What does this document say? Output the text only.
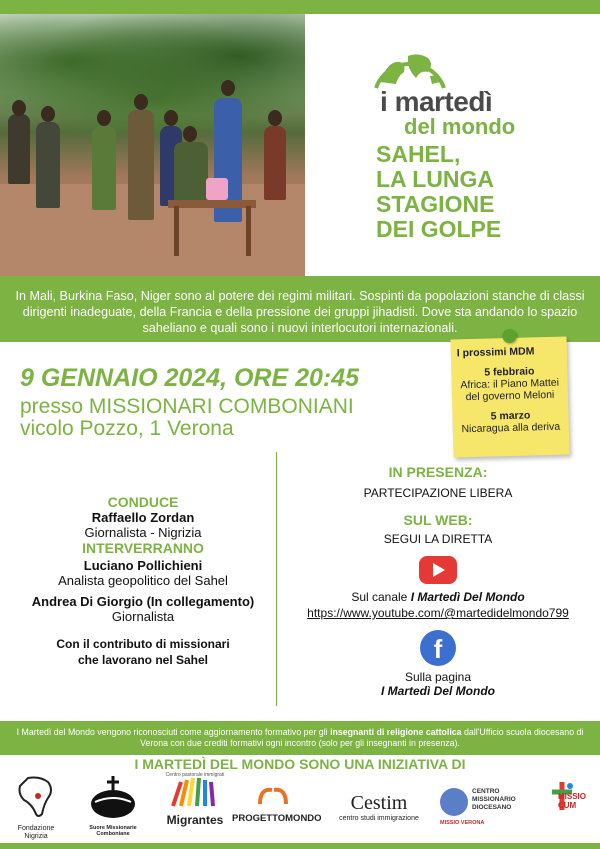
i martedì
del mondo
SAHEL,
LA LUNGA
STAGIONE
DEI GOLPE
In Mali, Burkina Faso, Niger sono al potere dei regimi militari. Sospinti da popolazioni stanche di classi dirigenti inadeguate, della Francia e della pressione dei gruppi jihadisti. Dove sta andando lo spazio saheliano e quali sono i nuovi interlocutori internazionali.
I prossimi MDM
5 febbraio
Africa: il Piano Mattei del governo Meloni
5 marzo
Nicaragua alla deriva
9 GENNAIO 2024, ORE 20:45
presso MISSIONARI COMBONIANI
vicolo Pozzo, 1 Verona
CONDUCE
Raffaello Zordan
Giornalista - Nigrizia
INTERVERRANNO
Luciano Pollichieni
Analista geopolitico del Sahel
Andrea Di Giorgio (In collegamento)
Giornalista
Con il contributo di missionari che lavorano nel Sahel
IN PRESENZA:
PARTECIPAZIONE LIBERA
SUL WEB:
SEGUI LA DIRETTA
Sul canale I Martedì Del Mondo
https://www.youtube.com/@martedidelmondo799
f
Sulla pagina
I Martedì Del Mondo
I Martedì del Mondo vengono riconosciuti come aggiornamento formativo per gli insegnanti di religione cattolica dall'Ufficio scuola diocesano di Verona con due crediti formativi ogni incontro (solo per gli insegnanti in presenza).
I MARTEDÌ DEL MONDO SONO UNA INIZIATIVA DI
Fondazione Nigrizia
Suore Missionarie Comboniane
Centro pastorale immigrati
Migrantes PROGETTOMONDO
Cestim
centro studi immigrazione
CENTRO
MISSIONARIO
DIOCESANO
MISSIO VERONA
MISSIO
CUM
